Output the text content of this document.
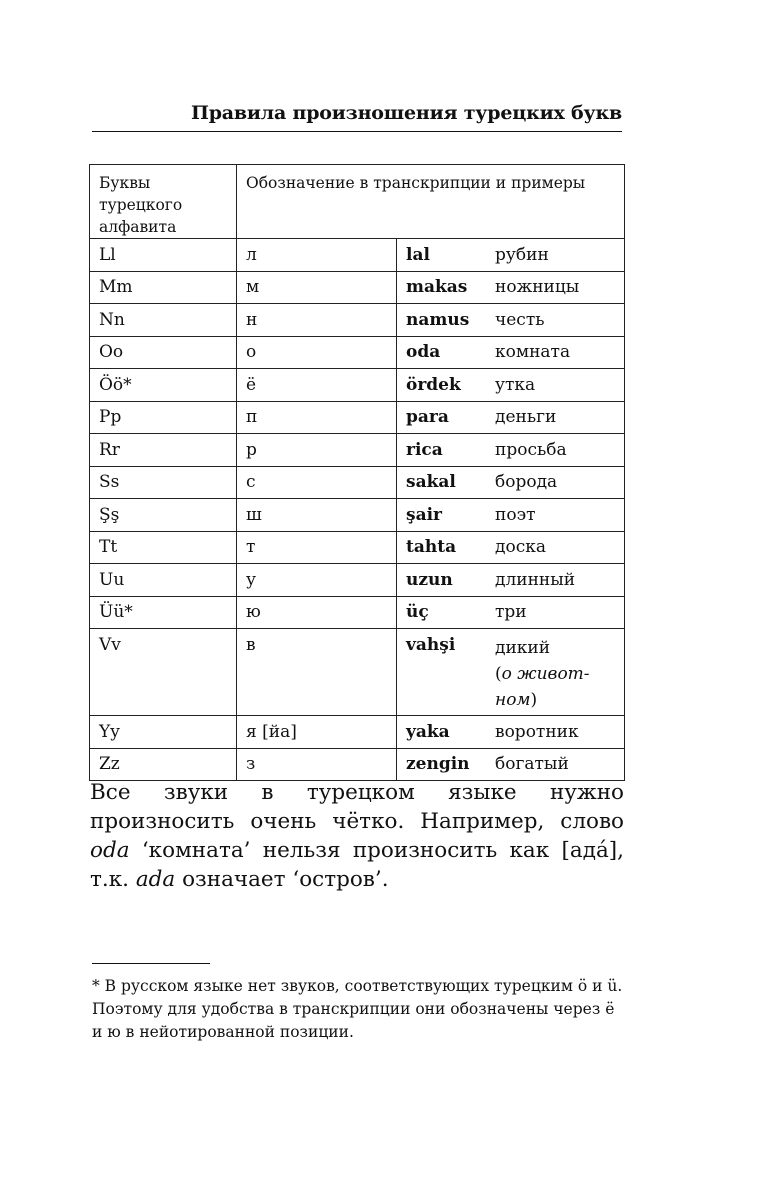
Правила произношения турецких букв
Буквы турецкого алфавита	Обозначение в транскрипции и примеры	
Ll	л	lal рубин

Mm	м	makas ножницы

Nn	н	namus честь

Oo	о	oda комната

Öö*	ё	ördek утка

Pp	п	para деньги

Rr	р	rica просьба

Ss	с	sakal борода

Şş	ш	şair поэт

Tt	т	tahta доска

Uu	у	uzun длинный

Üü*	ю	üç три

Vv	в	vahşi дикий
(о живот-ном)

Yy	я [йа]	yaka воротник

Zz	з	zengin богатый
Все звуки в турецком языке нужно произносить очень чётко. Например, слово oda ‘комната’ нельзя произносить как [ада́], т.к. ada означает ‘остров’.
* В русском языке нет звуков, соответствующих турецким ö и ü. Поэтому для удобства в транскрипции они обозначены через ё и ю в нейотированной позиции.
